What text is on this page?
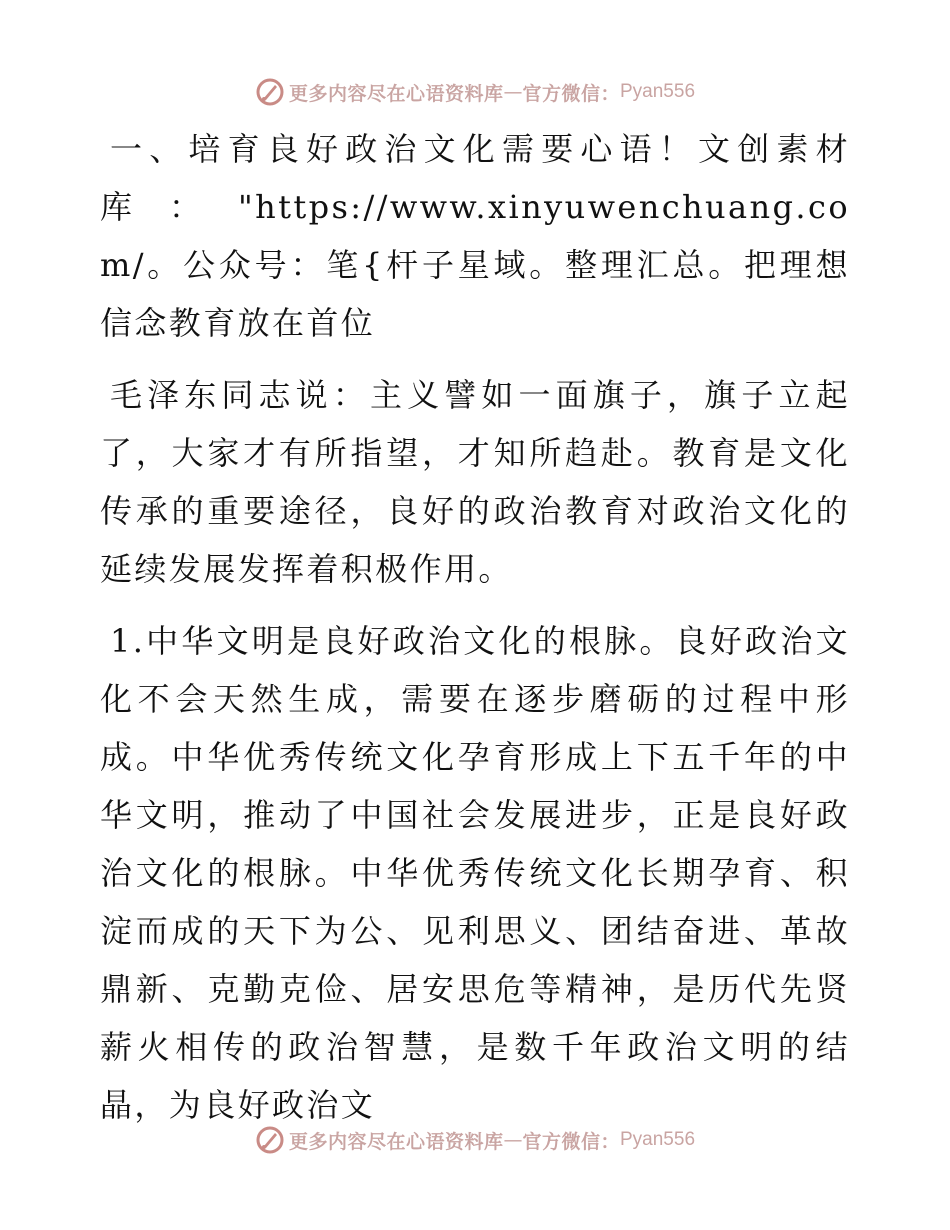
更多内容尽在心语资料库 — 官方微信： Pyan556

一、培育良好政治文化需要心语！文创素材库："https://www.xinyuwenchuang.com/。公众号：笔{杆子星域。整理汇总。把理想信念教育放在首位

毛泽东同志说：主义譬如一面旗子，旗子立起了，大家才有所指望，才知所趋赴。教育是文化传承的重要途径，良好的政治教育对政治文化的延续发展发挥着积极作用。

1.中华文明是良好政治文化的根脉。良好政治文化不会天然生成，需要在逐步磨砺的过程中形成。中华优秀传统文化孕育形成上下五千年的中华文明，推动了中国社会发展进步，正是良好政治文化的根脉。中华优秀传统文化长期孕育、积淀而成的天下为公、见利思义、团结奋进、革故鼎新、克勤克俭、居安思危等精神，是历代先贤薪火相传的政治智慧，是数千年政治文明的结晶，为良好政治文

更多内容尽在心语资料库 — 官方微信： Pyan556
